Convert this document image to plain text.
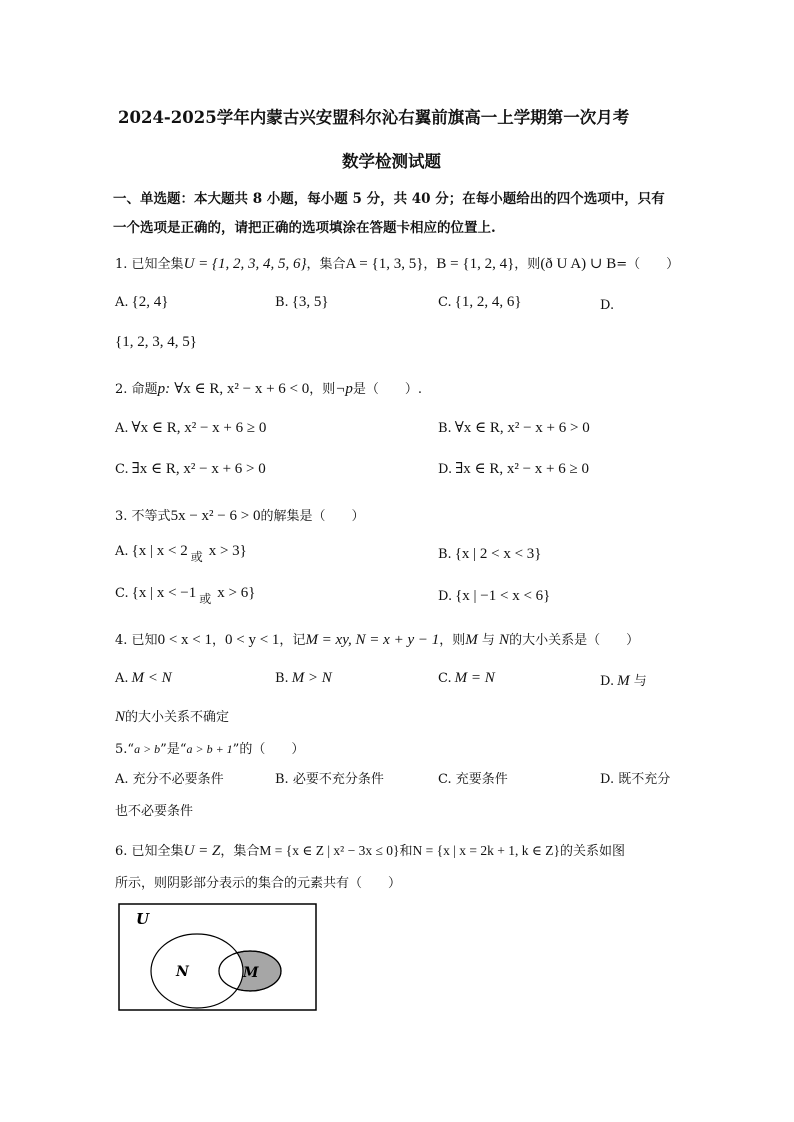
2024-2025学年内蒙古兴安盟科尔沁右翼前旗高一上学期第一次月考
数学检测试题
一、单选题：本大题共 8 小题，每小题 5 分，共 40 分；在每小题给出的四个选项中，只有
一个选项是正确的，请把正确的选项填涂在答题卡相应的位置上.
1. 已知全集U = {1, 2, 3, 4, 5, 6}，集合A = {1, 3, 5}，B = {1, 2, 4}，则(ð U A) ∪ B=（　　）
A. {2, 4}	B. {3, 5}	C. {1, 2, 4, 6}	D.
{1, 2, 3, 4, 5}
2. 命题p: ∀x ∈ R, x² − x + 6 < 0，则¬p是（　　）.
A. ∀x ∈ R, x² − x + 6 ≥ 0	B. ∀x ∈ R, x² − x + 6 > 0
C. ∃x ∈ R, x² − x + 6 > 0	D. ∃x ∈ R, x² − x + 6 ≥ 0
3. 不等式5x − x² − 6 > 0的解集是（　　）
A. {x | x < 2 或 x > 3}	B. {x | 2 < x < 3}
C. {x | x < −1 或 x > 6}	D. {x | −1 < x < 6}
4. 已知0 < x < 1，0 < y < 1，记M = xy, N = x + y − 1，则M 与 N的大小关系是（　　）
A. M < N	B. M > N	C. M = N	D. M 与
N的大小关系不确定
5.“a > b”是“a > b + 1”的（　　）
A. 充分不必要条件	B. 必要不充分条件	C. 充要条件	D. 既不充分
也不必要条件
6. 已知全集U = Z，集合M = {x ∈ Z | x² − 3x ≤ 0}和N = {x | x = 2k + 1, k ∈ Z}的关系如图
所示，则阴影部分表示的集合的元素共有（　　）
U
N	M
